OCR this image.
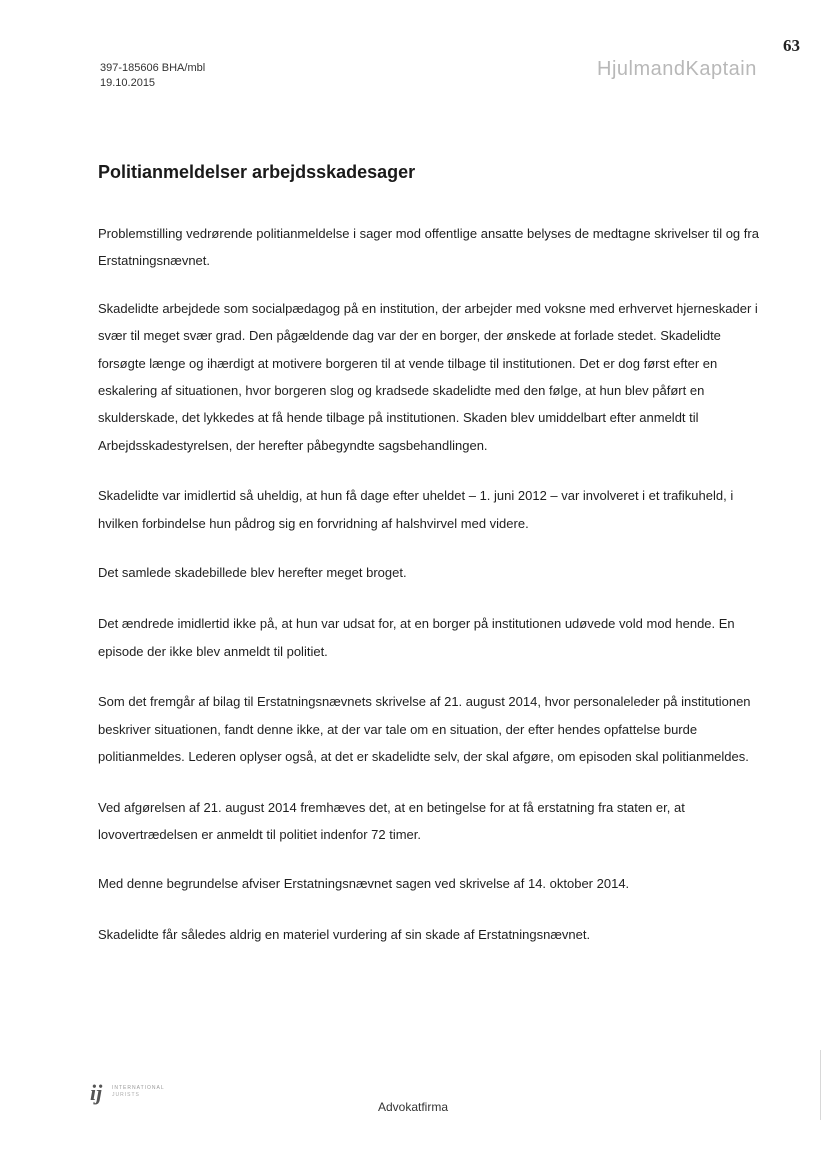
63
397-185606 BHA/mbl
19.10.2015
HjulmandKaptain
Politianmeldelser arbejdsskadesager

Problemstilling vedrørende politianmeldelse i sager mod offentlige ansatte belyses de medtagne skrivelser til og fra Erstatningsnævnet.

Skadelidte arbejdede som socialpædagog på en institution, der arbejder med voksne med erhvervet hjerneskader i svær til meget svær grad. Den pågældende dag var der en borger, der ønskede at forlade stedet. Skadelidte forsøgte længe og ihærdigt at motivere borgeren til at vende tilbage til institutionen. Det er dog først efter en eskalering af situationen, hvor borgeren slog og kradsede skadelidte med den følge, at hun blev påført en skulderskade, det lykkedes at få hende tilbage på institutionen. Skaden blev umiddelbart efter anmeldt til Arbejdsskadestyrelsen, der herefter påbegyndte sagsbehandlingen.

Skadelidte var imidlertid så uheldig, at hun få dage efter uheldet – 1. juni 2012 – var involveret i et trafikuheld, i hvilken forbindelse hun pådrog sig en forvridning af halshvirvel med videre.

Det samlede skadebillede blev herefter meget broget.

Det ændrede imidlertid ikke på, at hun var udsat for, at en borger på institutionen udøvede vold mod hende. En episode der ikke blev anmeldt til politiet.

Som det fremgår af bilag til Erstatningsnævnets skrivelse af 21. august 2014, hvor personaleleder på institutionen beskriver situationen, fandt denne ikke, at der var tale om en situation, der efter hendes opfattelse burde politianmeldes. Lederen oplyser også, at det er skadelidte selv, der skal afgøre, om episoden skal politianmeldes.

Ved afgørelsen af 21. august 2014 fremhæves det, at en betingelse for at få erstatning fra staten er, at lovovertrædelsen er anmeldt til politiet indenfor 72 timer.

Med denne begrundelse afviser Erstatningsnævnet sagen ved skrivelse af 14. oktober 2014.

Skadelidte får således aldrig en materiel vurdering af sin skade af Erstatningsnævnet.

ij INTERNATIONAL
JURISTS
Advokatfirma
